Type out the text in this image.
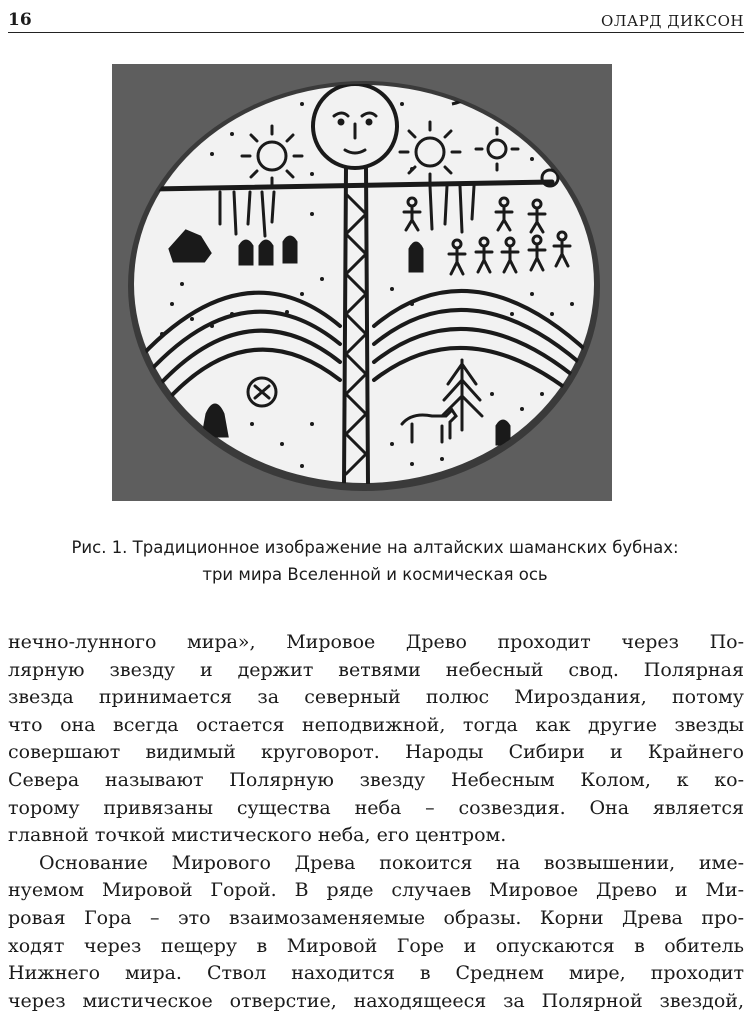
16	ОЛАРД ДИКСОН
Рис. 1. Традиционное изображение на алтайских шаманских бубнах:
три мира Вселенной и космическая ось
нечно-лунного мира», Мировое Древо проходит через По-
лярную звезду и держит ветвями небесный свод. Полярная
звезда принимается за северный полюс Мироздания, потому
что она всегда остается неподвижной, тогда как другие звезды
совершают видимый круговорот. Народы Сибири и Крайнего
Севера называют Полярную звезду Небесным Колом, к ко-
торому привязаны существа неба – созвездия. Она является
главной точкой мистического неба, его центром.
Основание Мирового Древа покоится на возвышении, име-
нуемом Мировой Горой. В ряде случаев Мировое Древо и Ми-
ровая Гора – это взаимозаменяемые образы. Корни Древа про-
ходят через пещеру в Мировой Горе и опускаются в обитель
Нижнего мира. Ствол находится в Среднем мире, проходит
через мистическое отверстие, находящееся за Полярной звездой,
